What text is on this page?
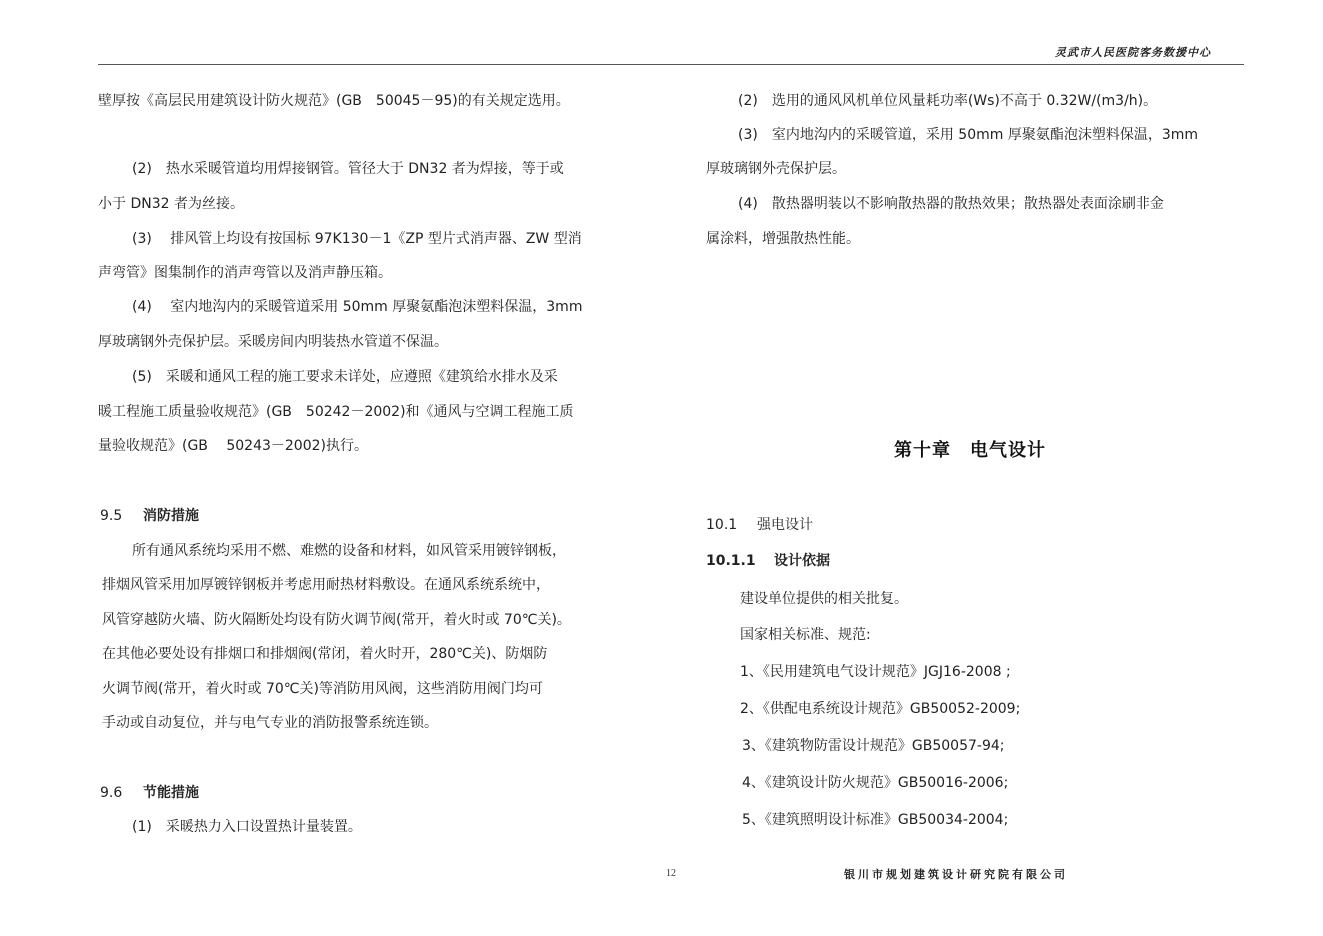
灵武市人民医院客务数援中心
壁厚按《高层民用建筑设计防火规范》(GB　50045－95)的有关规定选用。
(2)　热水采暖管道均用焊接钢管。管径大于 DN32 者为焊接，等于或
小于 DN32 者为丝接。
(3)　 排风管上均设有按国标 97K130－1《ZP 型片式消声器、ZW 型消
声弯管》图集制作的消声弯管以及消声静压箱。
(4)　 室内地沟内的采暖管道采用 50mm 厚聚氨酯泡沫塑料保温，3mm
厚玻璃钢外壳保护层。采暖房间内明装热水管道不保温。
(5)　采暖和通风工程的施工要求未详处，应遵照《建筑给水排水及采
暖工程施工质量验收规范》(GB　50242－2002)和《通风与空调工程施工质
量验收规范》(GB　 50243－2002)执行。
9.5 消防措施
所有通风系统均采用不燃、难燃的设备和材料，如风管采用镀锌钢板，
排烟风管采用加厚镀锌钢板并考虑用耐热材料敷设。在通风系统系统中，
风管穿越防火墙、防火隔断处均设有防火调节阀(常开，着火时或 70℃关)。
在其他必要处设有排烟口和排烟阀(常闭，着火时开，280℃关)、防烟防
火调节阀(常开，着火时或 70℃关)等消防用风阀，这些消防用阀门均可
手动或自动复位，并与电气专业的消防报警系统连锁。
9.6 节能措施
(1)　采暖热力入口设置热计量装置。
(2)　选用的通风风机单位风量耗功率(Ws)不高于 0.32W/(m3/h)。
(3)　室内地沟内的采暖管道，采用 50mm 厚聚氨酯泡沫塑料保温，3mm
厚玻璃钢外壳保护层。
(4)　散热器明装以不影响散热器的散热效果；散热器处表面涂刷非金
属涂料，增强散热性能。
第十章　电气设计
10.1 强电设计
10.1.1 设计依据
建设单位提供的相关批复。
国家相关标准、规范:
1、《民用建筑电气设计规范》JGJ16-2008 ;
2、《供配电系统设计规范》GB50052-2009;
3、《建筑物防雷设计规范》GB50057-94;
4、《建筑设计防火规范》GB50016-2006;
5、《建筑照明设计标准》GB50034-2004;
12	银川市规划建筑设计研究院有限公司
